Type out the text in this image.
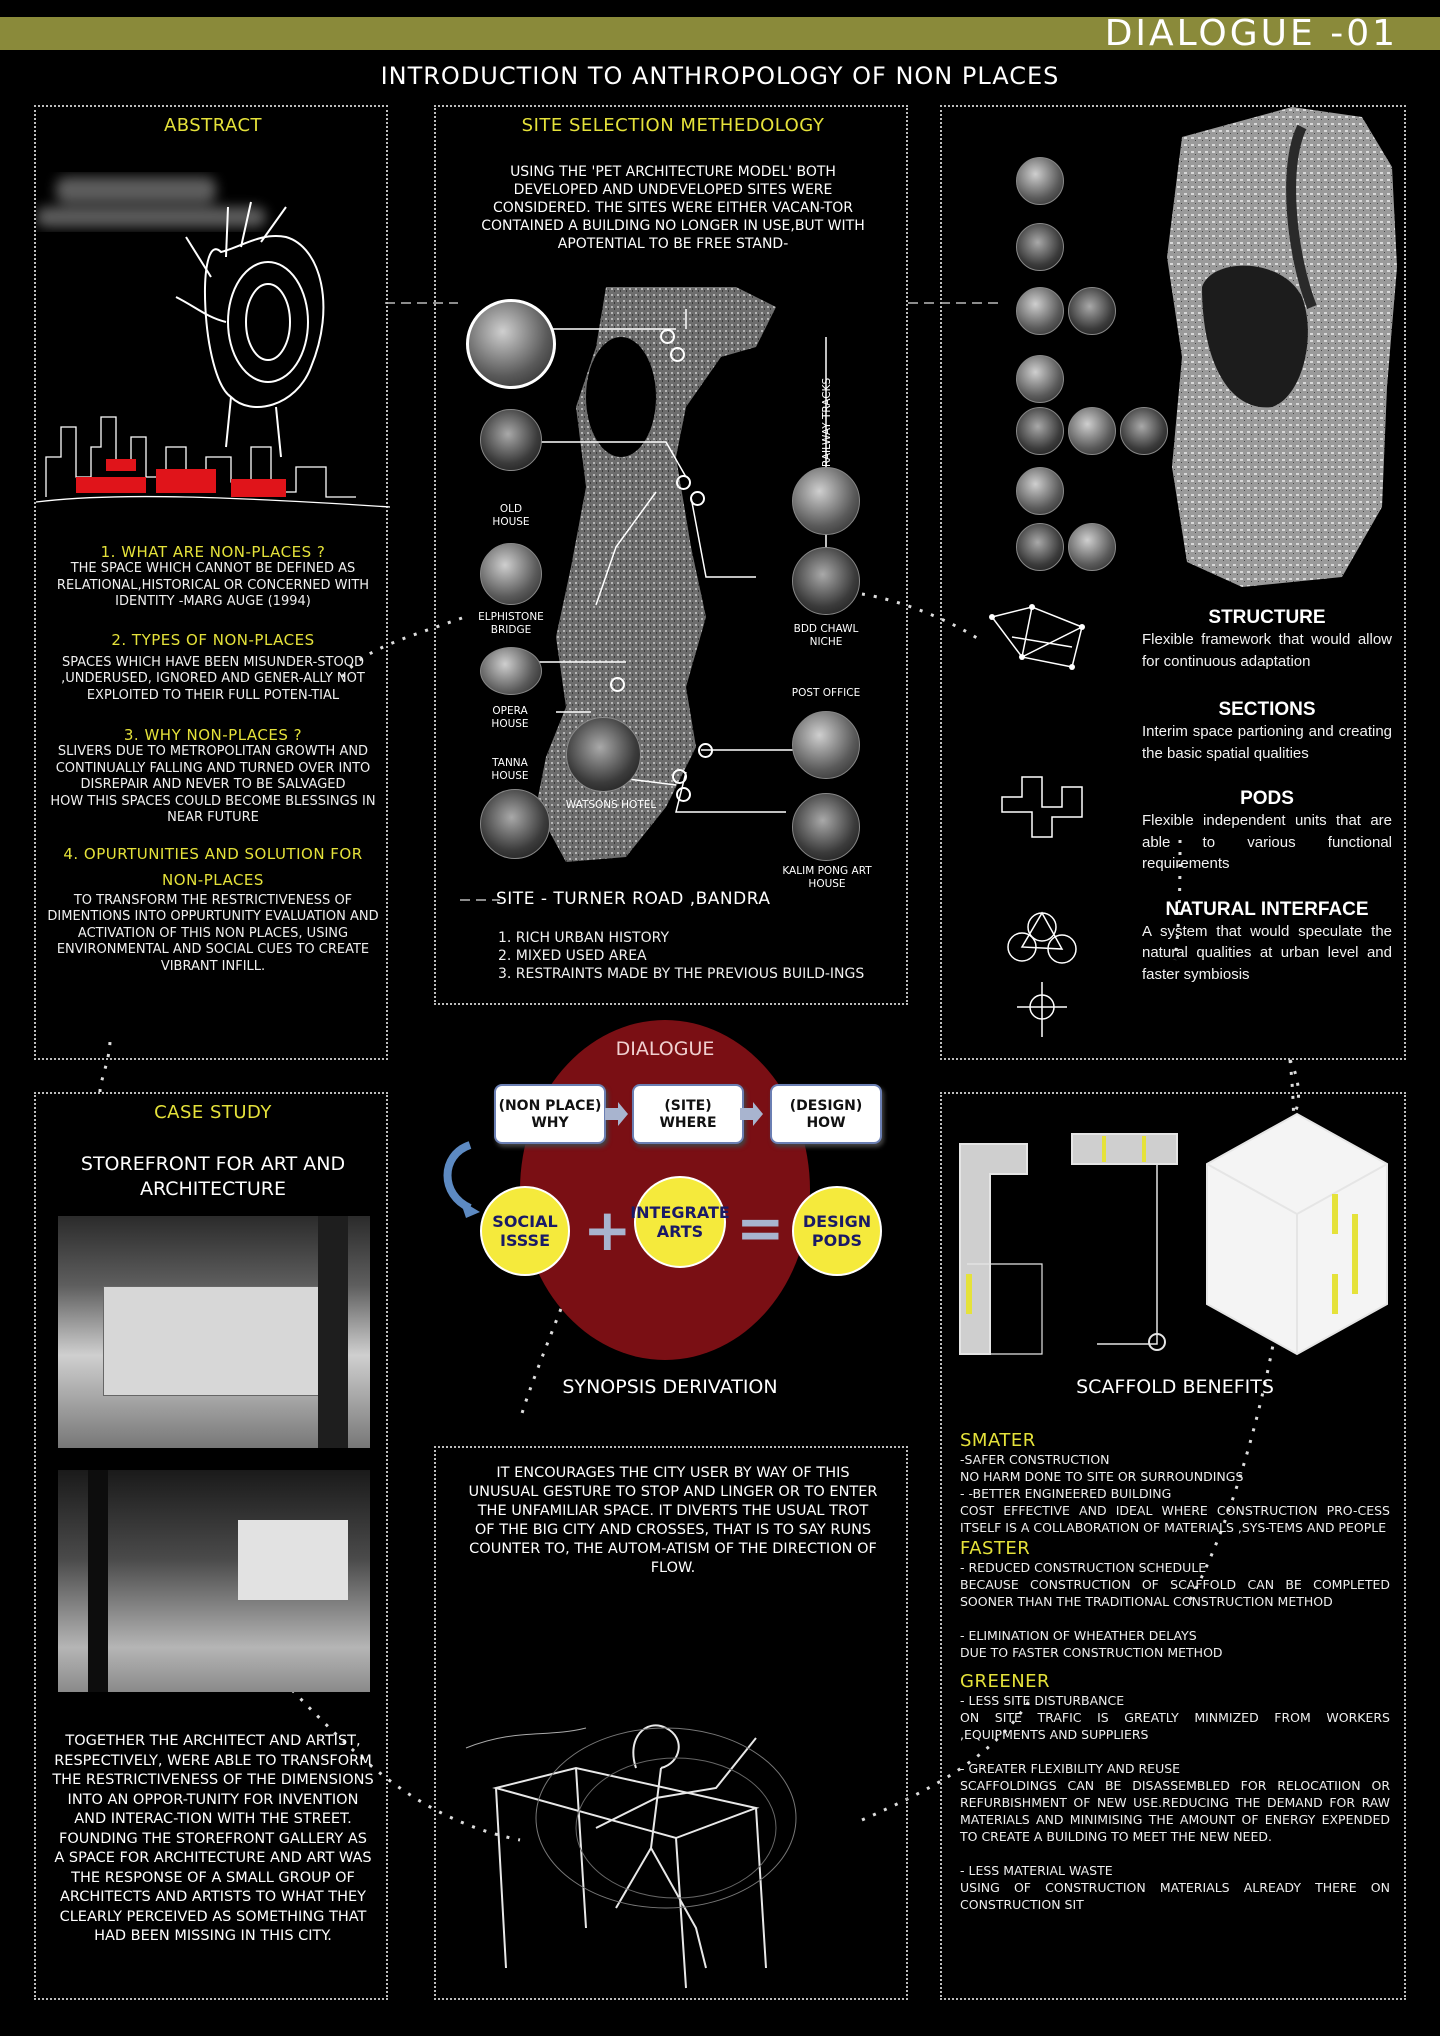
DIALOGUE -01
INTRODUCTION TO ANTHROPOLOGY OF NON PLACES
ABSTRACT
1. WHAT ARE NON-PLACES ?
THE SPACE WHICH CANNOT BE DEFINED AS RELATIONAL,HISTORICAL OR CONCERNED WITH IDENTITY -MARG AUGE (1994)
2. TYPES OF NON-PLACES
SPACES WHICH HAVE BEEN MISUNDER-STOOD ,UNDERUSED, IGNORED AND GENER-ALLY NOT EXPLOITED TO THEIR FULL POTEN-TIAL
3. WHY NON-PLACES ?
SLIVERS DUE TO METROPOLITAN GROWTH AND CONTINUALLY FALLING AND TURNED OVER INTO DISREPAIR AND NEVER TO BE SALVAGED
HOW THIS SPACES COULD BECOME BLESSINGS IN NEAR FUTURE
4. OPURTUNITIES AND SOLUTION FOR NON-PLACES
TO TRANSFORM THE RESTRICTIVENESS OF DIMENTIONS INTO OPPURTUNITY EVALUATION AND ACTIVATION OF THIS NON PLACES, USING ENVIRONMENTAL AND SOCIAL CUES TO CREATE VIBRANT INFILL.
SITE SELECTION METHEDOLOGY
USING THE 'PET ARCHITECTURE MODEL' BOTH DEVELOPED AND UNDEVELOPED SITES WERE CONSIDERED. THE SITES WERE EITHER VACAN-TOR CONTAINED A BUILDING NO LONGER IN USE,BUT WITH APOTENTIAL TO BE FREE STAND-
OLD HOUSE
ELPHISTONE BRIDGE
OPERA HOUSE
TANNA HOUSE
WATSONS HOTEL
RAILWAY TRACKS
BDD CHAWL NICHE
POST OFFICE
KALIM PONG ART HOUSE
SITE - TURNER ROAD ,BANDRA
1. RICH URBAN HISTORY
2. MIXED USED AREA
3. RESTRAINTS MADE BY THE PREVIOUS BUILD-INGS
STRUCTURE
Flexible framework that would allow for continuous adaptation
SECTIONS
Interim space partioning and creating the basic spatial qualities
PODS
Flexible independent units that are able to various functional requirements
NATURAL INTERFACE
A system that would speculate the natural qualities at urban level and faster symbiosis
CASE STUDY
STOREFRONT FOR ART AND ARCHITECTURE
TOGETHER THE ARCHITECT AND ARTIST, RESPECTIVELY, WERE ABLE TO TRANSFORM THE RESTRICTIVENESS OF THE DIMENSIONS INTO AN OPPOR-TUNITY FOR INVENTION AND INTERAC-TION WITH THE STREET. FOUNDING THE STOREFRONT GALLERY AS A SPACE FOR ARCHITECTURE AND ART WAS THE RESPONSE OF A SMALL GROUP OF ARCHITECTS AND ARTISTS TO WHAT THEY CLEARLY PERCEIVED AS SOMETHING THAT HAD BEEN MISSING IN THIS CITY.
DIALOGUE
(NON PLACE) WHY
(SITE) WHERE
(DESIGN) HOW
SOCIAL ISSSE +
INTEGRATE ARTS =	DESIGN PODS
SYNOPSIS DERIVATION
IT ENCOURAGES THE CITY USER BY WAY OF THIS UNUSUAL GESTURE TO STOP AND LINGER OR TO ENTER THE UNFAMILIAR SPACE. IT DIVERTS THE USUAL TROT OF THE BIG CITY AND CROSSES, THAT IS TO SAY RUNS COUNTER TO, THE AUTOM-ATISM OF THE DIRECTION OF FLOW.
SCAFFOLD BENEFITS
SMATER
-SAFER CONSTRUCTION
NO HARM DONE TO SITE OR SURROUNDINGS
- -BETTER ENGINEERED BUILDING
COST EFFECTIVE AND IDEAL WHERE CONSTRUCTION PRO-CESS ITSELF IS A COLLABORATION OF MATERIALS ,SYS-TEMS AND PEOPLE
FASTER
- REDUCED CONSTRUCTION SCHEDULE
BECAUSE CONSTRUCTION OF SCAFFOLD CAN BE COMPLETED SOONER THAN THE TRADITIONAL CONSTRUCTION METHOD

- ELIMINATION OF WHEATHER DELAYS
DUE TO FASTER CONSTRUCTION METHOD
GREENER
- LESS SITE DISTURBANCE
ON SITE TRAFIC IS GREATLY MINMIZED FROM WORKERS ,EQUIPMENTS AND SUPPLIERS

- GREATER FLEXIBILITY AND REUSE
SCAFFOLDINGS CAN BE DISASSEMBLED FOR RELOCATIION OR REFURBISHMENT OF NEW USE.REDUCING THE DEMAND FOR RAW MATERIALS AND MINIMISING THE AMOUNT OF ENERGY EXPENDED TO CREATE A BUILDING TO MEET THE NEW NEED.

- LESS MATERIAL WASTE
USING OF CONSTRUCTION MATERIALS ALREADY THERE ON CONSTRUCTION SIT
